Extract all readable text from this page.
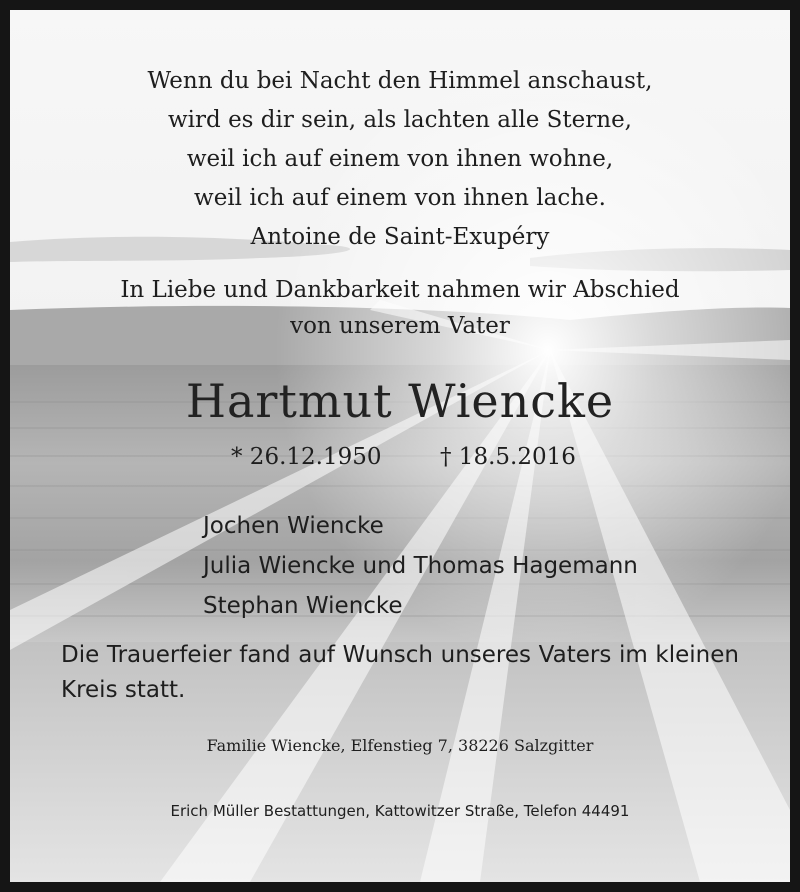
Wenn du bei Nacht den Himmel anschaust,
wird es dir sein, als lachten alle Sterne,
weil ich auf einem von ihnen wohne,
weil ich auf einem von ihnen lache.
Antoine de Saint-Exupéry
In Liebe und Dankbarkeit nahmen wir Abschied
von unserem Vater
Hartmut Wiencke
* 26.12.1950	† 18.5.2016
Jochen Wiencke
Julia Wiencke und Thomas Hagemann
Stephan Wiencke
Die Trauerfeier fand auf Wunsch unseres Vaters im kleinen Kreis statt.
Familie Wiencke, Elfenstieg 7, 38226 Salzgitter
Erich Müller Bestattungen, Kattowitzer Straße, Telefon 44491
